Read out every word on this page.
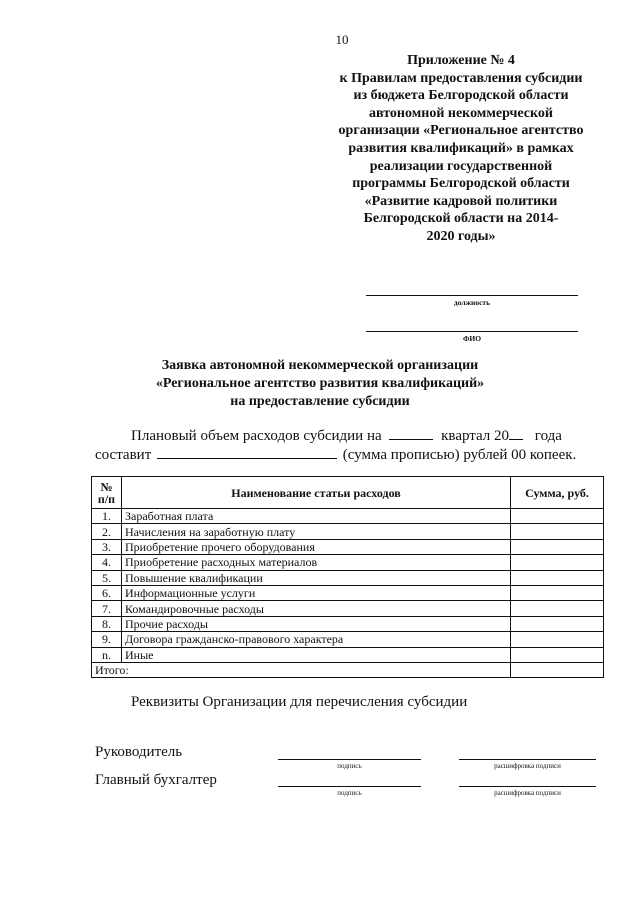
10
Приложение № 4
к Правилам предоставления субсидии
из бюджета Белгородской области
автономной некоммерческой
организации «Региональное агентство
развития квалификаций» в рамках
реализации государственной
программы Белгородской области
«Развитие кадровой политики
Белгородской области на 2014-
2020 годы»
должность
ФИО
Заявка автономной некоммерческой организации
«Региональное агентство развития квалификаций»
на предоставление субсидии
Плановый объем расходов субсидии на	квартал 20 года
составит	(сумма прописью) рублей 00 копеек.
№ п/п	Наименование статьи расходов	Сумма, руб.
1.	Заработная плата	
2.	Начисления на заработную плату	
3.	Приобретение прочего оборудования	
4.	Приобретение расходных материалов	
5.	Повышение квалификации	
6.	Информационные услуги	
7.	Командировочные расходы	
8.	Прочие расходы	
9.	Договора гражданско-правового характера	
n.	Иные	
Итого:		
Реквизиты Организации для перечисления субсидии
Руководитель
подпись	расшифровка подписи
Главный бухгалтер
подпись	расшифровка подписи
